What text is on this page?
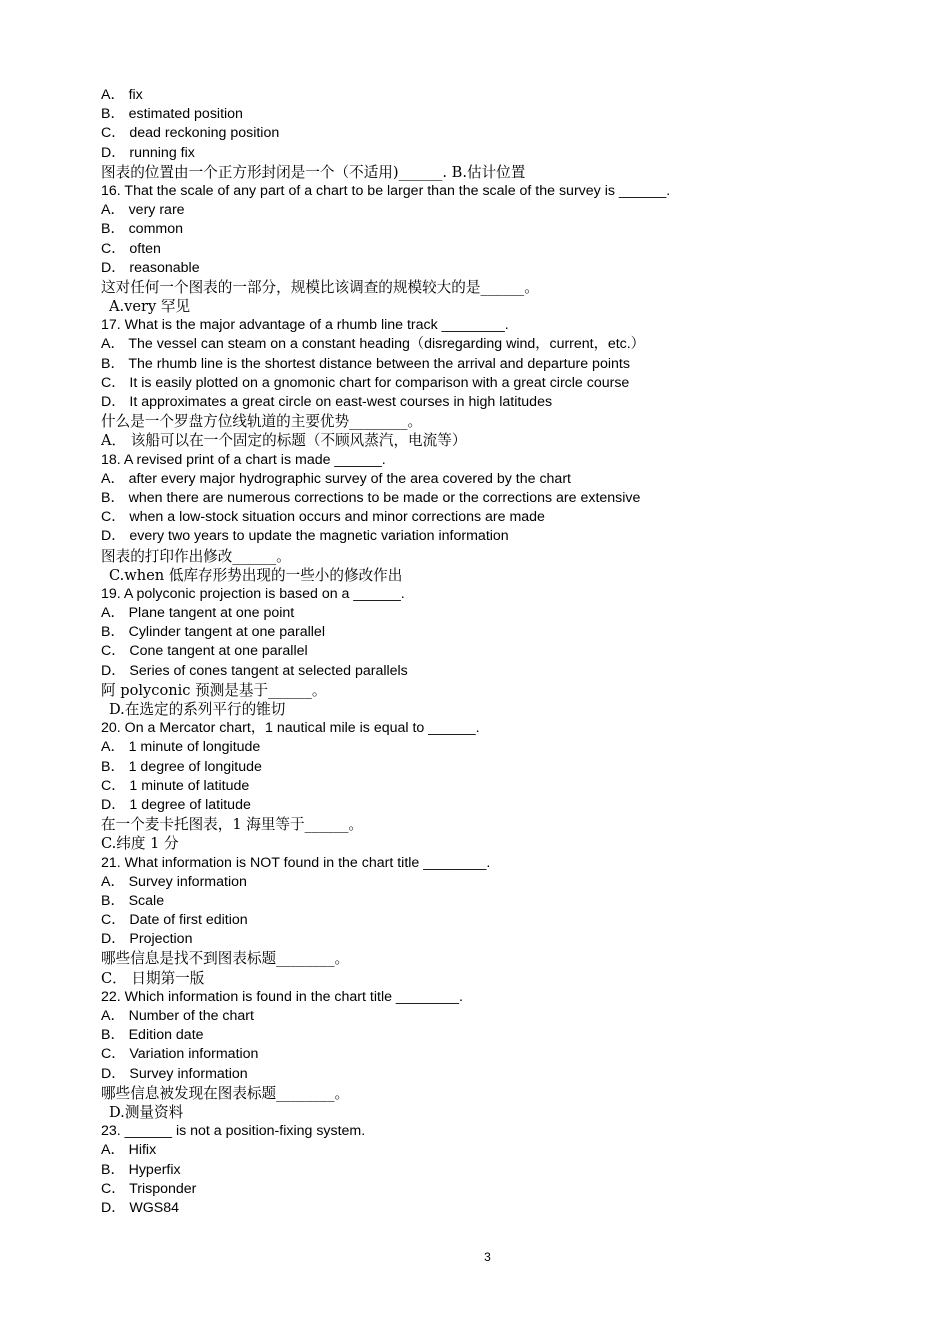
A． fix
B． estimated position
C． dead reckoning position
D． running fix
图表的位置由一个正方形封闭是一个（不适用)______. B.估计位置
16. That the scale of any part of a chart to be larger than the scale of the survey is ______.
A． very rare
B． common
C． often
D． reasonable
这对任何一个图表的一部分，规模比该调查的规模较大的是______。
A.very 罕见
17. What is the major advantage of a rhumb line track ________.
A． The vessel can steam on a constant heading（disregarding wind，current，etc.）
B． The rhumb line is the shortest distance between the arrival and departure points
C． It is easily plotted on a gnomonic chart for comparison with a great circle course
D． It approximates a great circle on east-west courses in high latitudes
什么是一个罗盘方位线轨道的主要优势________。
A． 该船可以在一个固定的标题（不顾风蒸汽，电流等）
18. A revised print of a chart is made ______.
A． after every major hydrographic survey of the area covered by the chart
B． when there are numerous corrections to be made or the corrections are extensive
C． when a low-stock situation occurs and minor corrections are made
D． every two years to update the magnetic variation information
图表的打印作出修改______。
C.when 低库存形势出现的一些小的修改作出
19. A polyconic projection is based on a ______.
A． Plane tangent at one point
B． Cylinder tangent at one parallel
C． Cone tangent at one parallel
D． Series of cones tangent at selected parallels
阿 polyconic 预测是基于______。
D.在选定的系列平行的锥切
20. On a Mercator chart，1 nautical mile is equal to ______.
A． 1 minute of longitude
B． 1 degree of longitude
C． 1 minute of latitude
D． 1 degree of latitude
在一个麦卡托图表，1 海里等于______。
C.纬度 1 分
21. What information is NOT found in the chart title ________.
A． Survey information
B． Scale
C． Date of first edition
D． Projection
哪些信息是找不到图表标题________。
C． 日期第一版
22. Which information is found in the chart title ________.
A． Number of the chart
B． Edition date
C． Variation information
D． Survey information
哪些信息被发现在图表标题________。
D.测量资料
23. ______ is not a position-fixing system.
A． Hifix
B． Hyperfix
C． Trisponder
D． WGS84
3
